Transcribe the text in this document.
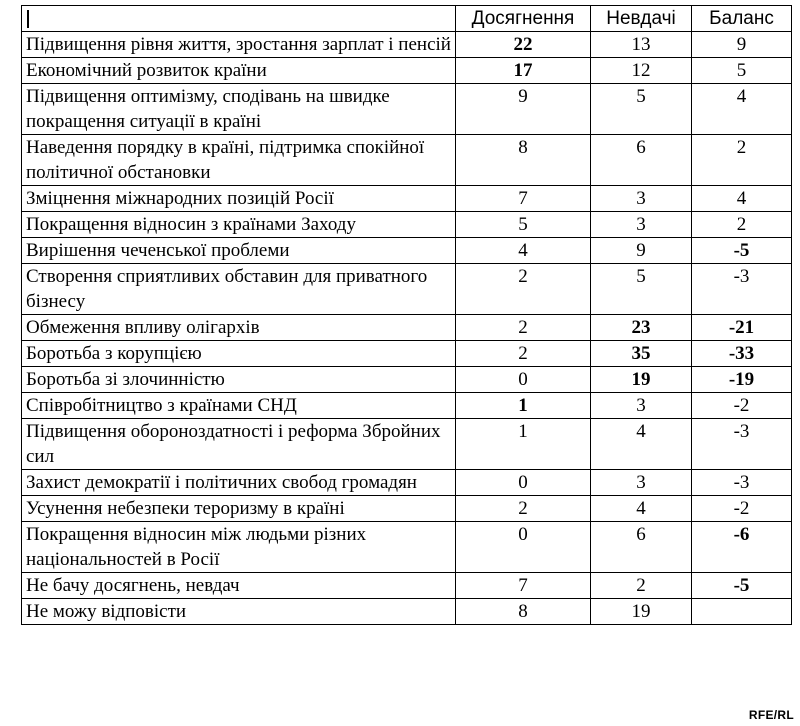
	Досягнення	Невдачі	Баланс
Підвищення рівня життя, зростання зарплат і пенсій	22	13	9
Економічний розвиток країни	17	12	5
Підвищення оптимізму, сподівань на швидке покращення ситуації в країні	9	5	4
Наведення порядку в країні, підтримка спокійної політичної обстановки	8	6	2
Зміцнення міжнародних позицій Росії	7	3	4
Покращення відносин з країнами Заходу	5	3	2
Вирішення чеченської проблеми	4	9	-5
Створення сприятливих обставин для приватного бізнесу	2	5	-3
Обмеження впливу олігархів	2	23	-21
Боротьба з корупцією	2	35	-33
Боротьба зі злочинністю	0	19	-19
Співробітництво з країнами СНД	1	3	-2
Підвищення обороноздатності і реформа Збройних сил	1	4	-3
Захист демократії і політичних свобод громадян	0	3	-3
Усунення небезпеки тероризму в країні	2	4	-2
Покращення відносин між людьми різних національностей в Росії	0	6	-6
Не бачу досягнень, невдач	7	2	-5
Не можу відповісти	8	19	
RFE/RL
